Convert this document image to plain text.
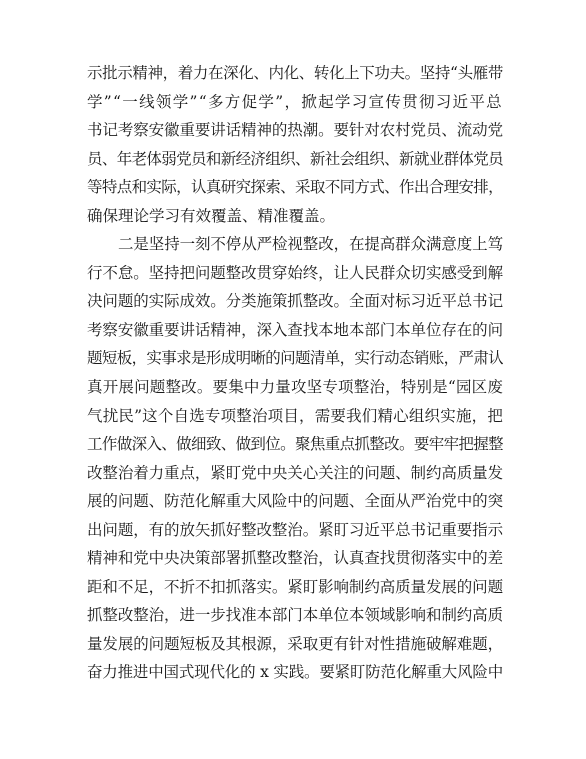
示批示精神，着力在深化、内化、转化上下功夫。坚持“头雁带
学”“一线领学”“多方促学”，掀起学习宣传贯彻习近平总
书记考察安徽重要讲话精神的热潮。要针对农村党员、流动党
员、年老体弱党员和新经济组织、新社会组织、新就业群体党员
等特点和实际，认真研究探索、采取不同方式、作出合理安排，
确保理论学习有效覆盖、精准覆盖。
二是坚持一刻不停从严检视整改，在提高群众满意度上笃
行不怠。坚持把问题整改贯穿始终，让人民群众切实感受到解
决问题的实际成效。分类施策抓整改。全面对标习近平总书记
考察安徽重要讲话精神，深入查找本地本部门本单位存在的问
题短板，实事求是形成明晰的问题清单，实行动态销账，严肃认
真开展问题整改。要集中力量攻坚专项整治，特别是“园区废
气扰民”这个自选专项整治项目，需要我们精心组织实施，把
工作做深入、做细致、做到位。聚焦重点抓整改。要牢牢把握整
改整治着力重点，紧盯党中央关心关注的问题、制约高质量发
展的问题、防范化解重大风险中的问题、全面从严治党中的突
出问题，有的放矢抓好整改整治。紧盯习近平总书记重要指示
精神和党中央决策部署抓整改整治，认真查找贯彻落实中的差
距和不足，不折不扣抓落实。紧盯影响制约高质量发展的问题
抓整改整治，进一步找准本部门本单位本领域影响和制约高质
量发展的问题短板及其根源，采取更有针对性措施破解难题，
奋力推进中国式现代化的 x 实践。要紧盯防范化解重大风险中
